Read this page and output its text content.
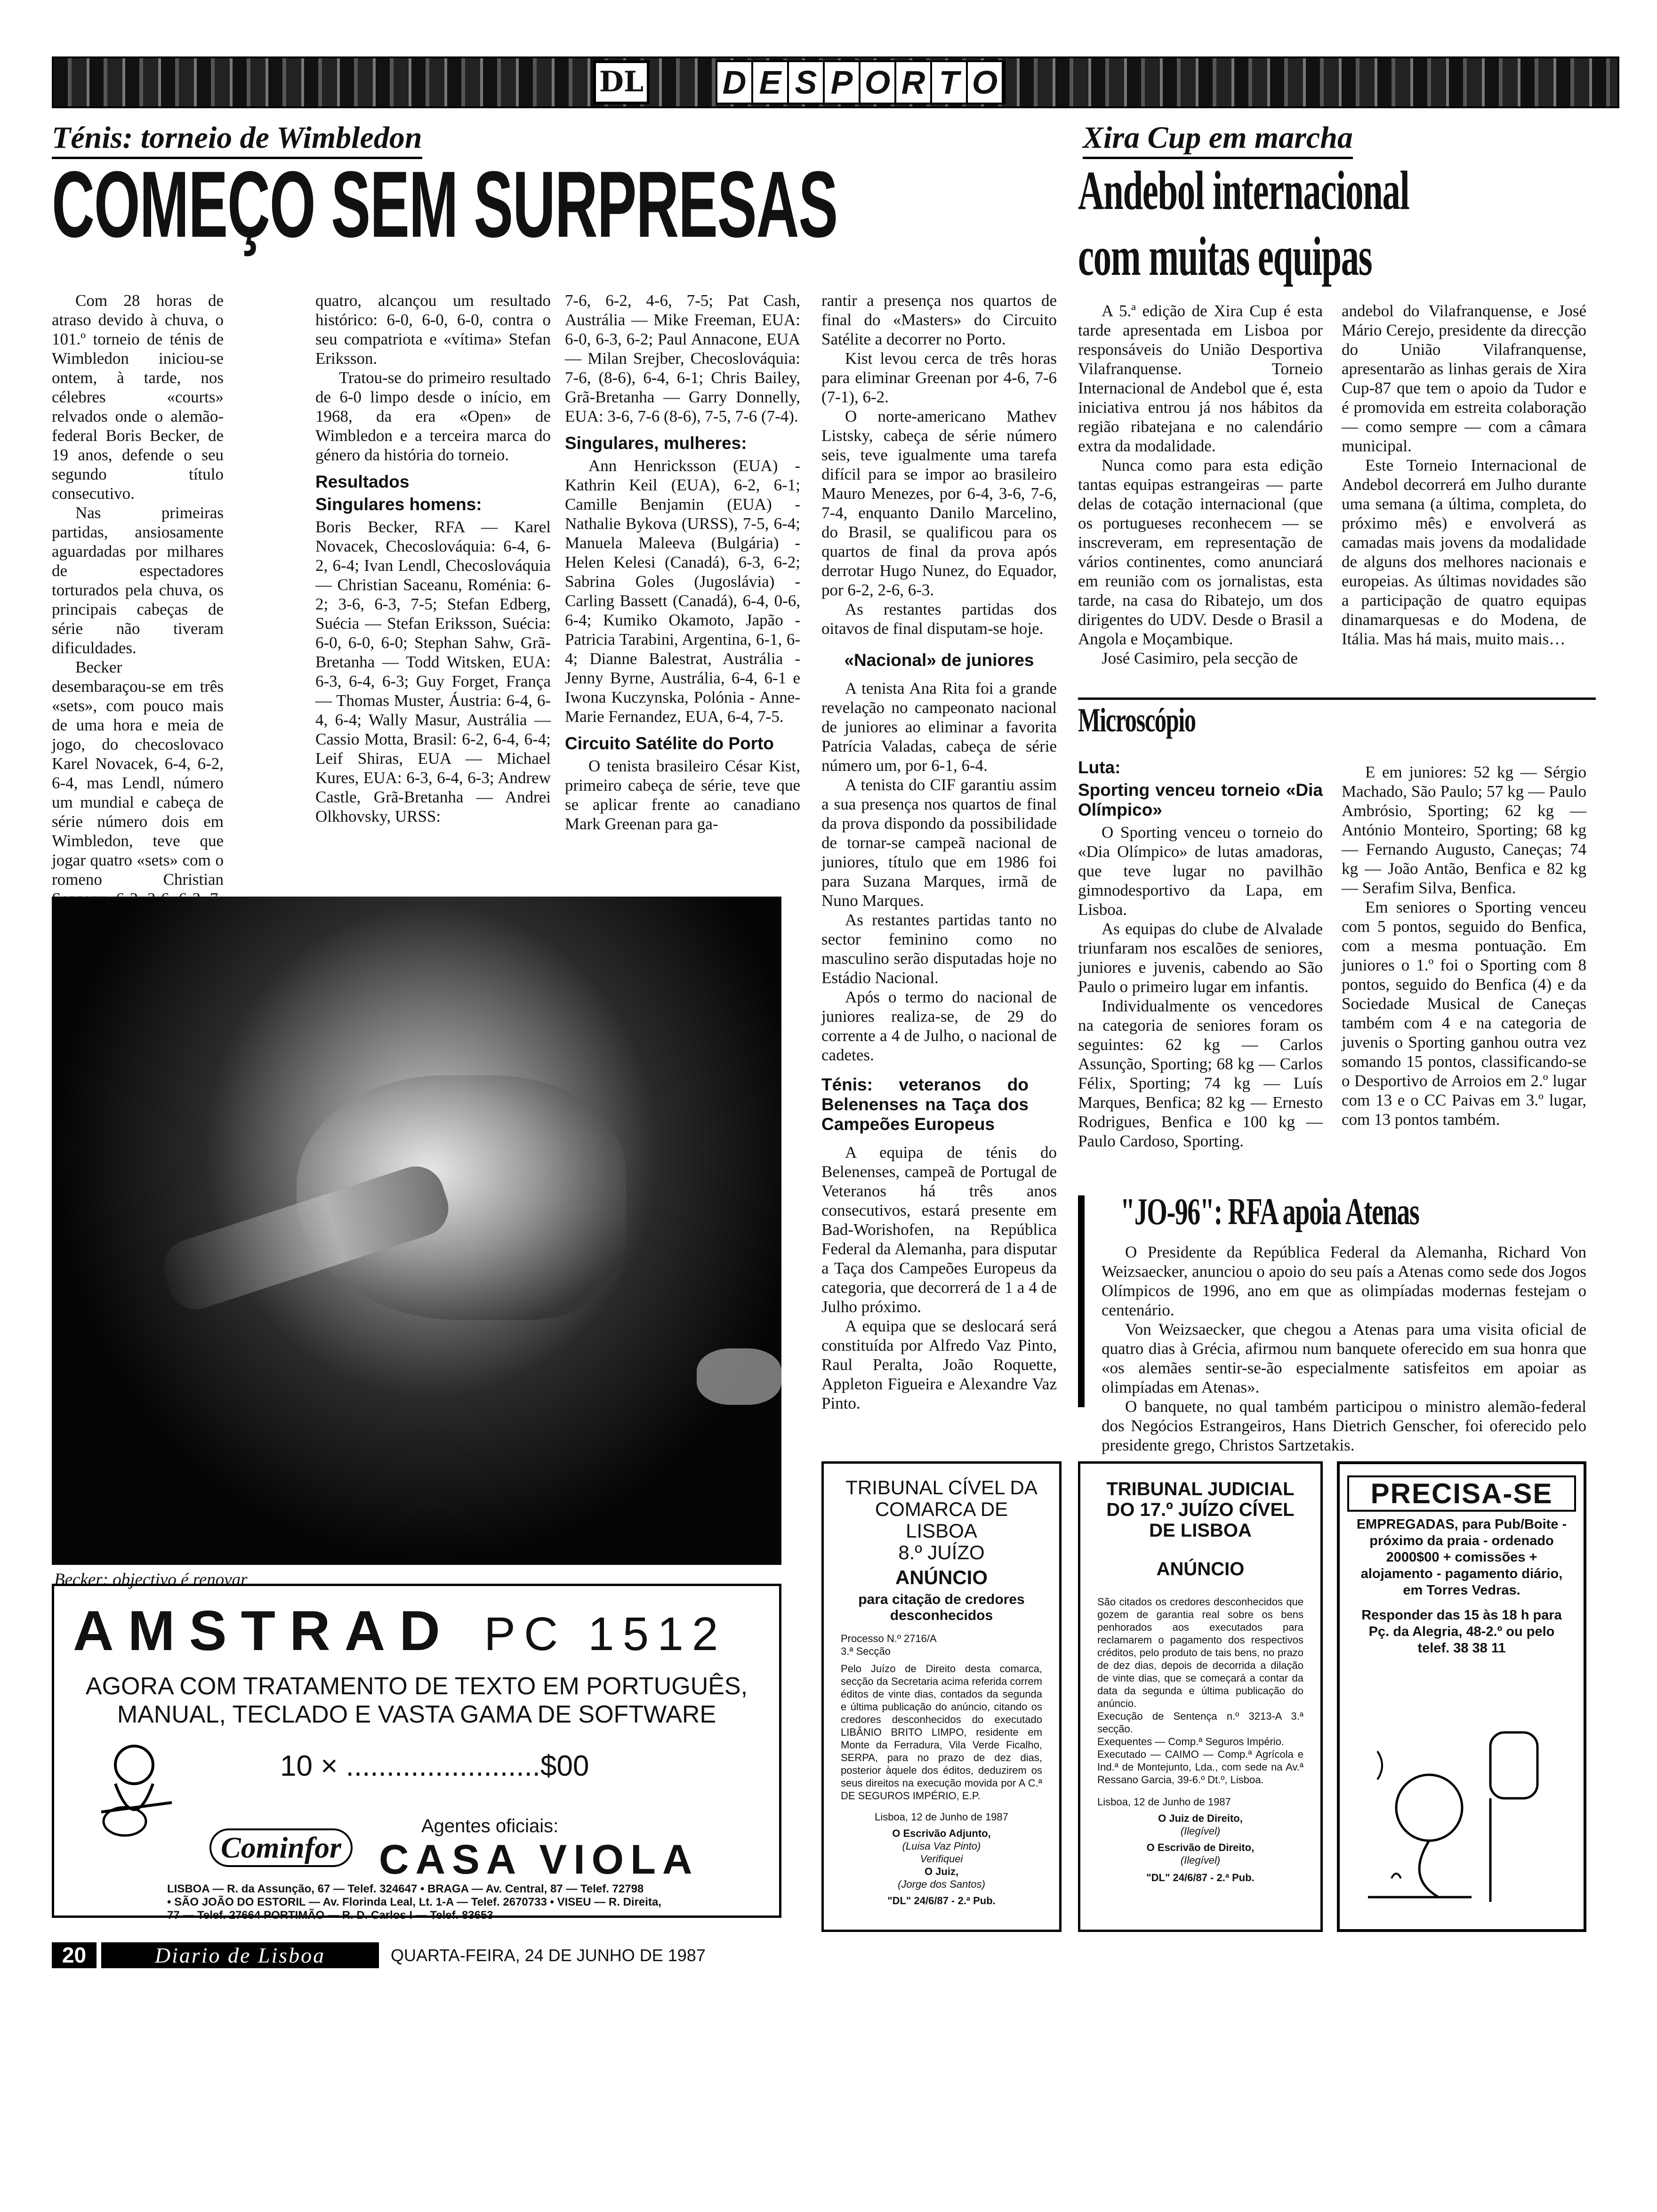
DL D E S P O R T O
Ténis: torneio de Wimbledon
COMEÇO SEM SURPRESAS

Com 28 horas de atraso devido à chuva, o 101.º torneio de ténis de Wimbledon iniciou-se ontem, à tarde, nos célebres «courts» relvados onde o alemão-federal Boris Becker, de 19 anos, defende o seu segundo título consecutivo.

Nas primeiras partidas, ansiosamente aguardadas por milhares de espectadores torturados pela chuva, os principais cabeças de série não tiveram dificuldades.

Becker desembaraçou-se em três «sets», com pouco mais de uma hora e meia de jogo, do checoslovaco Karel Novacek, 6-4, 6-2, 6-4, mas Lendl, número um mundial e cabeça de série número dois em Wimbledon, teve que jogar quatro «sets» com o romeno Christian

quatro, alcançou um resultado histórico: 6-0, 6-0, 6-0, contra o seu compatriota e «vítima» Stefan Eriksson.

Tratou-se do primeiro resultado de 6-0 limpo desde o início, em 1968, da era «Open» de Wimbledon e a terceira marca do género da história do torneio.

Resultados

Singulares homens:

Boris Becker, RFA — Karel Novacek, Checoslováquia: 6-4, 6-2, 6-4; Ivan Lendl, Checoslováquia — Christian Saceanu, Roménia: 6-2; 3-6, 6-3, 7-5; Stefan Edberg, Suécia — Stefan Eriksson, Suécia: 6-0, 6-0, 6-0; Stephan Sahw, Grã-Bretanha — Todd Witsken, EUA: 6-3, 6-4, 6-3; Guy Forget, França — Thomas Muster, Áustria: 6-4, 6-4, 6-4; Wally Masur, Austrália — Cassio Motta, Brasil: 6-2, 6-4, 6-4; Leif Shiras, EUA — Michael Kures, EUA: 6-3, 6-4, 6-3; Andrew Castle, Grã-Bretanha — Andrei Olkhovsky, URSS:

7-6, 6-2, 4-6, 7-5; Pat Cash, Austrália — Mike Freeman, EUA: 6-0, 6-3, 6-2; Paul Annacone, EUA — Milan Srejber, Checoslováquia: 7-6, (8-6), 6-4, 6-1; Chris Bailey, Grã-Bretanha — Garry Donnelly, EUA: 3-6, 7-6 (8-6), 7-5, 7-6 (7-4).

Singulares, mulheres:

Ann Henricksson (EUA) - Kathrin Keil (EUA), 6-2, 6-1; Camille Benjamin (EUA) - Nathalie Bykova (URSS), 7-5, 6-4; Manuela Maleeva (Bulgária) - Helen Kelesi (Canadá), 6-3, 6-2; Sabrina Goles (Jugoslávia) - Carling Bassett (Canadá), 6-4, 0-6, 6-4; Kumiko Okamoto, Japão - Patricia Tarabini, Argentina, 6-1, 6-4; Dianne Balestrat, Austrália - Jenny Byrne, Austrália, 6-4, 6-1 e Iwona Kuczynska, Polónia - Anne-Marie Fernandez, EUA, 6-4, 7-5.

Circuito Satélite do Porto

O tenista brasileiro César Kist, primeiro cabeça de série, teve que se aplicar frente ao canadiano Mark Greenan para ga-

rantir a presença nos quartos de final do «Masters» do Circuito Satélite a decorrer no Porto.

Kist levou cerca de três horas para eliminar Greenan por 4-6, 7-6 (7-1), 6-2.

O norte-americano Mathev Listsky, cabeça de série número seis, teve igualmente uma tarefa difícil para se impor ao brasileiro Mauro Menezes, por 6-4, 3-6, 7-6, 7-4, enquanto Danilo Marcelino, do Brasil, se qualificou para os quartos de final da prova após derrotar Hugo Nunez, do Equador, por 6-2, 2-6, 6-3.

As restantes partidas dos oitavos de final disputam-se hoje.

«Nacional» de juniores

A tenista Ana Rita foi a grande revelação no campeonato nacional de juniores ao eliminar a favorita Patrícia Valadas, cabeça de série número um, por 6-1, 6-4.

A tenista do CIF garantiu assim a sua presença nos quartos de final da prova dispondo da possibilidade de tornar-se campeã nacional de juniores, título que em 1986 foi para Suzana Marques, irmã de Nuno Marques.

As restantes partidas tanto no sector feminino como no masculino serão disputadas hoje no Estádio Nacional.

Após o termo do nacional de juniores realiza-se, de 29 do corrente a 4 de Julho, o nacional de cadetes.

Ténis: veteranos do Belenenses na Taça dos Campeões Europeus

A equipa de ténis do Belenenses, campeã de Portugal de Veteranos há três anos consecutivos, estará presente em Bad-Worishofen, na República Federal da Alemanha, para disputar a Taça dos Campeões Europeus da categoria, que decorrerá de 1 a 4 de Julho próximo.

A equipa que se deslocará será constituída por Alfredo Vaz Pinto, Raul Peralta, João Roquette, Appleton Figueira e Alexandre Vaz Pinto.

Becker: objectivo é renovar
Xira Cup em marcha
Andebol internacional
com muitas equipas

A 5.ª edição de Xira Cup é esta tarde apresentada em Lisboa por responsáveis do União Desportiva Vilafranquense. Torneio Internacional de Andebol que é, esta iniciativa entrou já nos hábitos da região ribatejana e no calendário extra da modalidade.

Nunca como para esta edição tantas equipas estrangeiras — parte delas de cotação internacional (que os portugueses reconhecem — se inscreveram, em representação de vários continentes, como anunciará em reunião com os jornalistas, esta tarde, na casa do Ribatejo, um dos dirigentes do UDV. Desde o Brasil a Angola e Moçambique.

José Casimiro, pela secção de

andebol do Vilafranquense, e José Mário Cerejo, presidente da direcção do União Vilafranquense, apresentarão as linhas gerais de Xira Cup-87 que tem o apoio da Tudor e é promovida em estreita colaboração — como sempre — com a câmara municipal.

Este Torneio Internacional de Andebol decorrerá em Julho durante uma semana (a última, completa, do próximo mês) e envolverá as camadas mais jovens da modalidade de alguns dos melhores nacionais e europeias. As últimas novidades são a participação de quatro equipas dinamarquesas e do Modena, de Itália. Mas há mais, muito mais…

Microscópio

Luta:

Sporting venceu torneio «Dia Olímpico»

O Sporting venceu o torneio do «Dia Olímpico» de lutas amadoras, que teve lugar no pavilhão gimnodesportivo da Lapa, em Lisboa.

As equipas do clube de Alvalade triunfaram nos escalões de seniores, juniores e juvenis, cabendo ao São Paulo o primeiro lugar em infantis.

Individualmente os vencedores na categoria de seniores foram os seguintes: 62 kg — Carlos Assunção, Sporting; 68 kg — Carlos Félix, Sporting; 74 kg — Luís Marques, Benfica; 82 kg — Ernesto Rodrigues, Benfica e 100 kg — Paulo Cardoso, Sporting.

E em juniores: 52 kg — Sérgio Machado, São Paulo; 57 kg — Paulo Ambrósio, Sporting; 62 kg — António Monteiro, Sporting; 68 kg — Fernando Augusto, Caneças; 74 kg — João Antão, Benfica e 82 kg — Serafim Silva, Benfica.

Em seniores o Sporting venceu com 5 pontos, seguido do Benfica, com a mesma pontuação. Em juniores o 1.º foi o Sporting com 8 pontos, seguido do Benfica (4) e da Sociedade Musical de Caneças também com 4 e na categoria de juvenis o Sporting ganhou outra vez somando 15 pontos, classificando-se o Desportivo de Arroios em 2.º lugar com 13 e o CC Paivas em 3.º lugar, com 13 pontos também.

"JO-96": RFA apoia Atenas

O Presidente da República Federal da Alemanha, Richard Von Weizsaecker, anunciou o apoio do seu país a Atenas como sede dos Jogos Olímpicos de 1996, ano em que as olimpíadas modernas festejam o centenário.

Von Weizsaecker, que chegou a Atenas para uma visita oficial de quatro dias à Grécia, afirmou num banquete oferecido em sua honra que «os alemães sentir-se-ão especialmente satisfeitos em apoiar as olimpíadas em Atenas».

O banquete, no qual também participou o ministro alemão-federal dos Negócios Estrangeiros, Hans Dietrich Genscher, foi oferecido pelo presidente grego, Christos Sartzetakis.

AMSTRAD PC 1512
AGORA COM TRATAMENTO DE TEXTO EM PORTUGUÊS,
MANUAL, TECLADO E VASTA GAMA DE SOFTWARE
10 × ........................$00
Cominfor
Agentes oficiais:
CASA VIOLA
LISBOA — R. da Assunção, 67 — Telef. 324647 • BRAGA — Av. Central, 87 — Telef. 72798
• SÃO JOÃO DO ESTORIL — Av. Florinda Leal, Lt. 1-A — Telef. 2670733 • VISEU — R. Direita,
77 — Telef. 27664 PORTIMÃO — R. D. Carlos I — Telef. 83653
TRIBUNAL CÍVEL DA COMARCA DE LISBOA
8.º JUÍZO
ANÚNCIO
para citação de credores desconhecidos
Processo N.º 2716/A
3.ª Secção
Pelo Juízo de Direito desta comarca, secção da Secretaria acima referida correm éditos de vinte dias, contados da segunda e última publicação do anúncio, citando os credores desconhecidos do executado LIBÂNIO BRITO LIMPO, residente em Monte da Ferradura, Vila Verde Ficalho, SERPA, para no prazo de dez dias, posterior àquele dos éditos, deduzirem os seus direitos na execução movida por A C.ª DE SEGUROS IMPÉRIO, E.P.
Lisboa, 12 de Junho de 1987
O Escrivão Adjunto,
(Luisa Vaz Pinto)
Verifiquei
O Juiz,
(Jorge dos Santos)
"DL" 24/6/87 - 2.ª Pub.
TRIBUNAL JUDICIAL DO 17.º JUÍZO CÍVEL DE LISBOA
ANÚNCIO
São citados os credores desconhecidos que gozem de garantia real sobre os bens penhorados aos executados para reclamarem o pagamento dos respectivos créditos, pelo produto de tais bens, no prazo de dez dias, depois de decorrida a dilação de vinte dias, que se começará a contar da data da segunda e última publicação do anúncio.
Execução de Sentença n.º 3213-A 3.ª secção.
Exequentes — Comp.ª Seguros Império.
Executado — CAIMO — Comp.ª Agrícola e Ind.ª de Montejunto, Lda., com sede na Av.ª Ressano Garcia, 39-6.º Dt.º, Lisboa.
Lisboa, 12 de Junho de 1987
O Juiz de Direito,
(Ilegível)
O Escrivão de Direito,
(Ilegível)
"DL" 24/6/87 - 2.ª Pub.
PRECISA-SE
EMPREGADAS, para Pub/Boite - próximo da praia - ordenado 2000$00 + comissões + alojamento - pagamento diário, em Torres Vedras.
Responder das 15 às 18 h para Pç. da Alegria, 48-2.º ou pelo telef. 38 38 11
20	Diario de Lisboa	QUARTA-FEIRA, 24 DE JUNHO DE 1987
